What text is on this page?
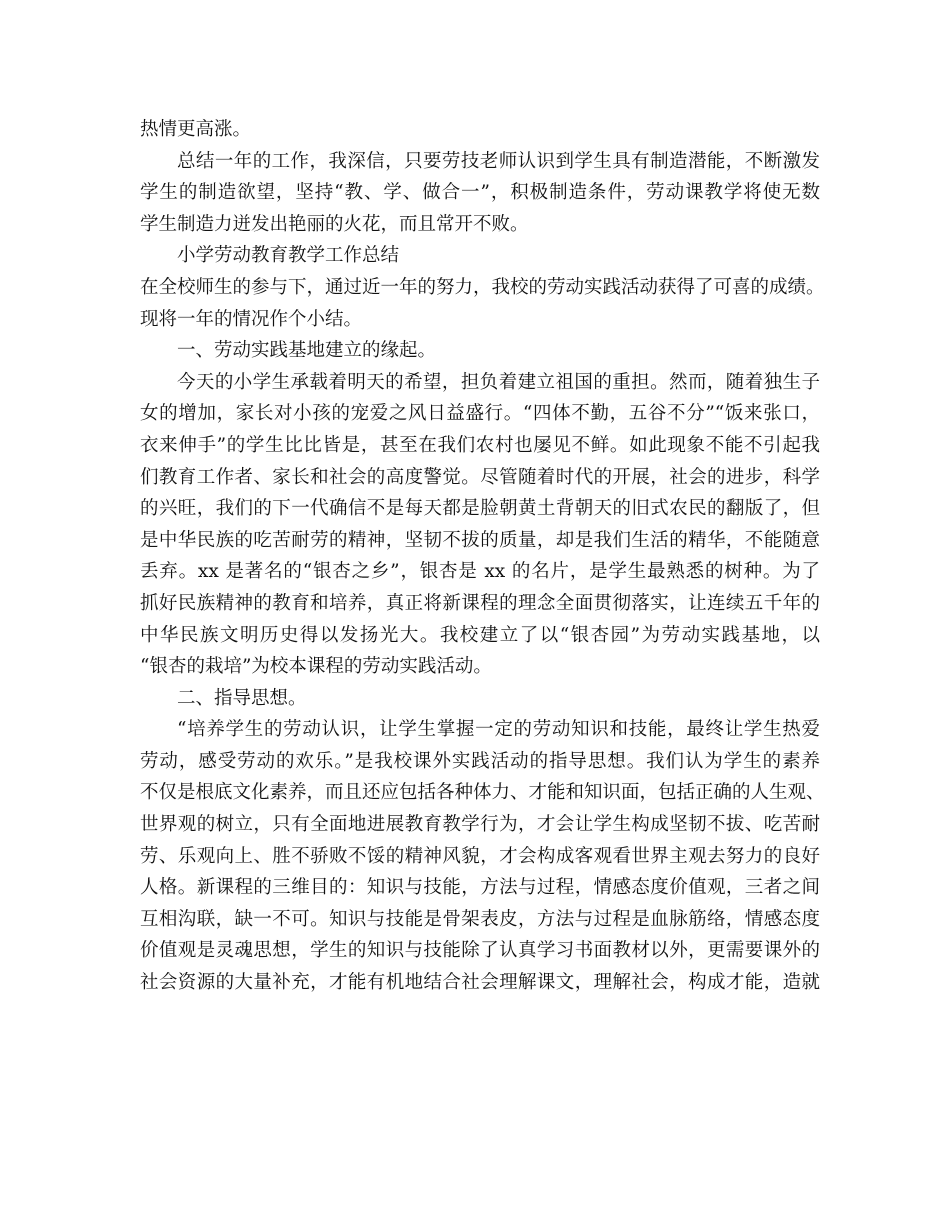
热情更高涨。
总结一年的工作，我深信，只要劳技老师认识到学生具有制造潜能，不断激发
学生的制造欲望，坚持“教、学、做合一”，积极制造条件，劳动课教学将使无数
学生制造力迸发出艳丽的火花，而且常开不败。
小学劳动教育教学工作总结
在全校师生的参与下，通过近一年的努力，我校的劳动实践活动获得了可喜的成绩。
现将一年的情况作个小结。
一、劳动实践基地建立的缘起。
今天的小学生承载着明天的希望，担负着建立祖国的重担。然而，随着独生子
女的增加，家长对小孩的宠爱之风日益盛行。“四体不勤，五谷不分”“饭来张口，
衣来伸手”的学生比比皆是，甚至在我们农村也屡见不鲜。如此现象不能不引起我
们教育工作者、家长和社会的高度警觉。尽管随着时代的开展，社会的进步，科学
的兴旺，我们的下一代确信不是每天都是脸朝黄土背朝天的旧式农民的翻版了，但
是中华民族的吃苦耐劳的精神，坚韧不拔的质量，却是我们生活的精华，不能随意
丢弃。xx 是著名的“银杏之乡”，银杏是 xx 的名片，是学生最熟悉的树种。为了
抓好民族精神的教育和培养，真正将新课程的理念全面贯彻落实，让连续五千年的
中华民族文明历史得以发扬光大。我校建立了以“银杏园”为劳动实践基地，以
“银杏的栽培”为校本课程的劳动实践活动。
二、指导思想。
“培养学生的劳动认识，让学生掌握一定的劳动知识和技能，最终让学生热爱
劳动，感受劳动的欢乐。”是我校课外实践活动的指导思想。我们认为学生的素养
不仅是根底文化素养，而且还应包括各种体力、才能和知识面，包括正确的人生观、
世界观的树立，只有全面地进展教育教学行为，才会让学生构成坚韧不拔、吃苦耐
劳、乐观向上、胜不骄败不馁的精神风貌，才会构成客观看世界主观去努力的良好
人格。新课程的三维目的：知识与技能，方法与过程，情感态度价值观，三者之间
互相沟联，缺一不可。知识与技能是骨架表皮，方法与过程是血脉筋络，情感态度
价值观是灵魂思想，学生的知识与技能除了认真学习书面教材以外，更需要课外的
社会资源的大量补充，才能有机地结合社会理解课文，理解社会，构成才能，造就
